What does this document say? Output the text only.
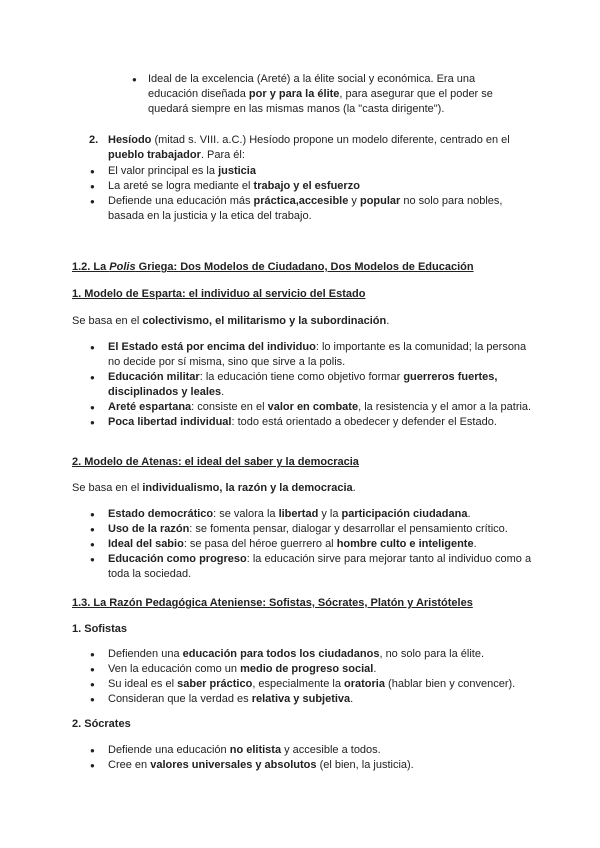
● Ideal de la excelencia (Areté) a la élite social y económica. Era una educación diseñada por y para la élite, para asegurar que el poder se quedará siempre en las mismas manos (la "casta dirigente").
2. Hesíodo (mitad s. VIII. a.C.) Hesíodo propone un modelo diferente, centrado en el pueblo trabajador. Para él:
● El valor principal es la justicia
● La areté se logra mediante el trabajo y el esfuerzo
● Defiende una educación más práctica,accesible y popular no solo para nobles, basada en la justicia y la etica del trabajo.
1.2. La Polis Griega: Dos Modelos de Ciudadano, Dos Modelos de Educación
1. Modelo de Esparta: el individuo al servicio del Estado

Se basa en el colectivismo, el militarismo y la subordinación.

● El Estado está por encima del individuo: lo importante es la comunidad; la persona no decide por sí misma, sino que sirve a la polis.
● Educación militar: la educación tiene como objetivo formar guerreros fuertes, disciplinados y leales.
● Areté espartana: consiste en el valor en combate, la resistencia y el amor a la patria.
● Poca libertad individual: todo está orientado a obedecer y defender el Estado.
2. Modelo de Atenas: el ideal del saber y la democracia

Se basa en el individualismo, la razón y la democracia.

● Estado democrático: se valora la libertad y la participación ciudadana.
● Uso de la razón: se fomenta pensar, dialogar y desarrollar el pensamiento crítico.
● Ideal del sabio: se pasa del héroe guerrero al hombre culto e inteligente.
● Educación como progreso: la educación sirve para mejorar tanto al individuo como a toda la sociedad.
1.3. La Razón Pedagógica Ateniense: Sofistas, Sócrates, Platón y Aristóteles
1. Sofistas
● Defienden una educación para todos los ciudadanos, no solo para la élite.
● Ven la educación como un medio de progreso social.
● Su ideal es el saber práctico, especialmente la oratoria (hablar bien y convencer).
● Consideran que la verdad es relativa y subjetiva.
2. Sócrates
● Defiende una educación no elitista y accesible a todos.
● Cree en valores universales y absolutos (el bien, la justicia).
